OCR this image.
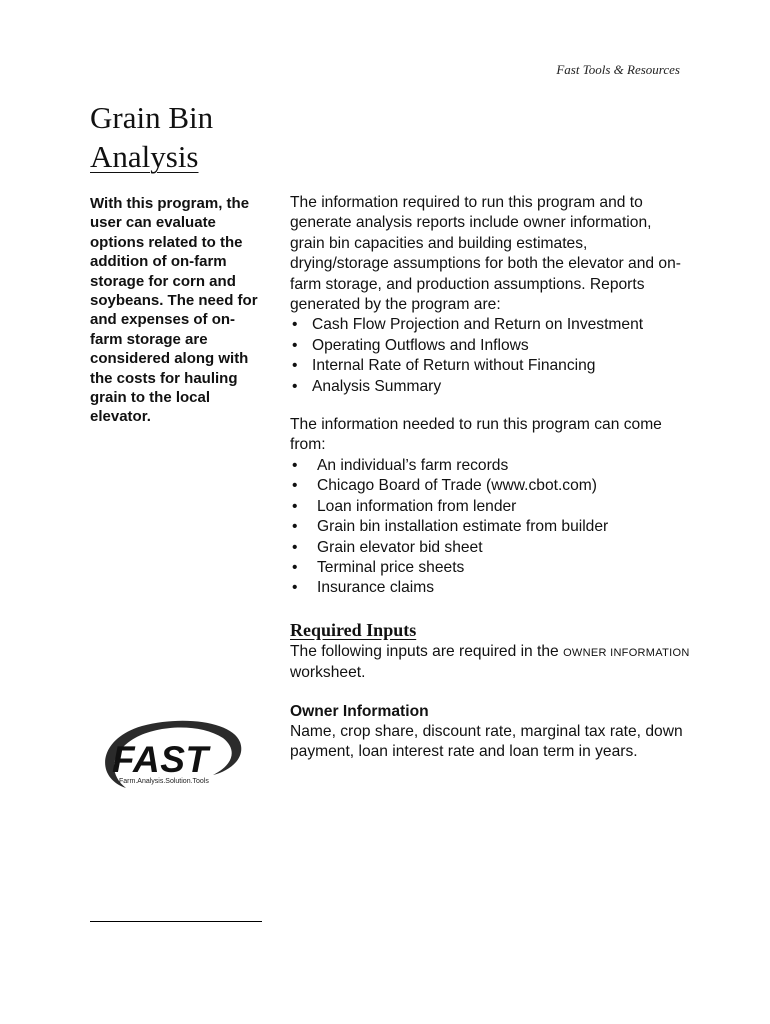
Fast Tools & Resources
Grain Bin
Analysis

With this program, the user can evaluate options related to the addition of on-farm storage for corn and soybeans. The need for and expenses of on-farm storage are considered along with the costs for hauling grain to the local elevator.

The information required to run this program and to generate analysis reports include owner information, grain bin capacities and building estimates, drying/storage assumptions for both the elevator and on-farm storage, and production assumptions. Reports generated by the program are:

• Cash Flow Projection and Return on Investment
• Operating Outflows and Inflows
• Internal Rate of Return without Financing
• Analysis Summary

The information needed to run this program can come from:

• An individual’s farm records
• Chicago Board of Trade (www.cbot.com)
• Loan information from lender
• Grain bin installation estimate from builder
• Grain elevator bid sheet
• Terminal price sheets
• Insurance claims
Required Inputs

The following inputs are required in the OWNER INFORMATION worksheet.

Owner Information

Name, crop share, discount rate, marginal tax rate, down payment, loan interest rate and loan term in years.

FAST
Farm.Analysis.Solution.Tools
